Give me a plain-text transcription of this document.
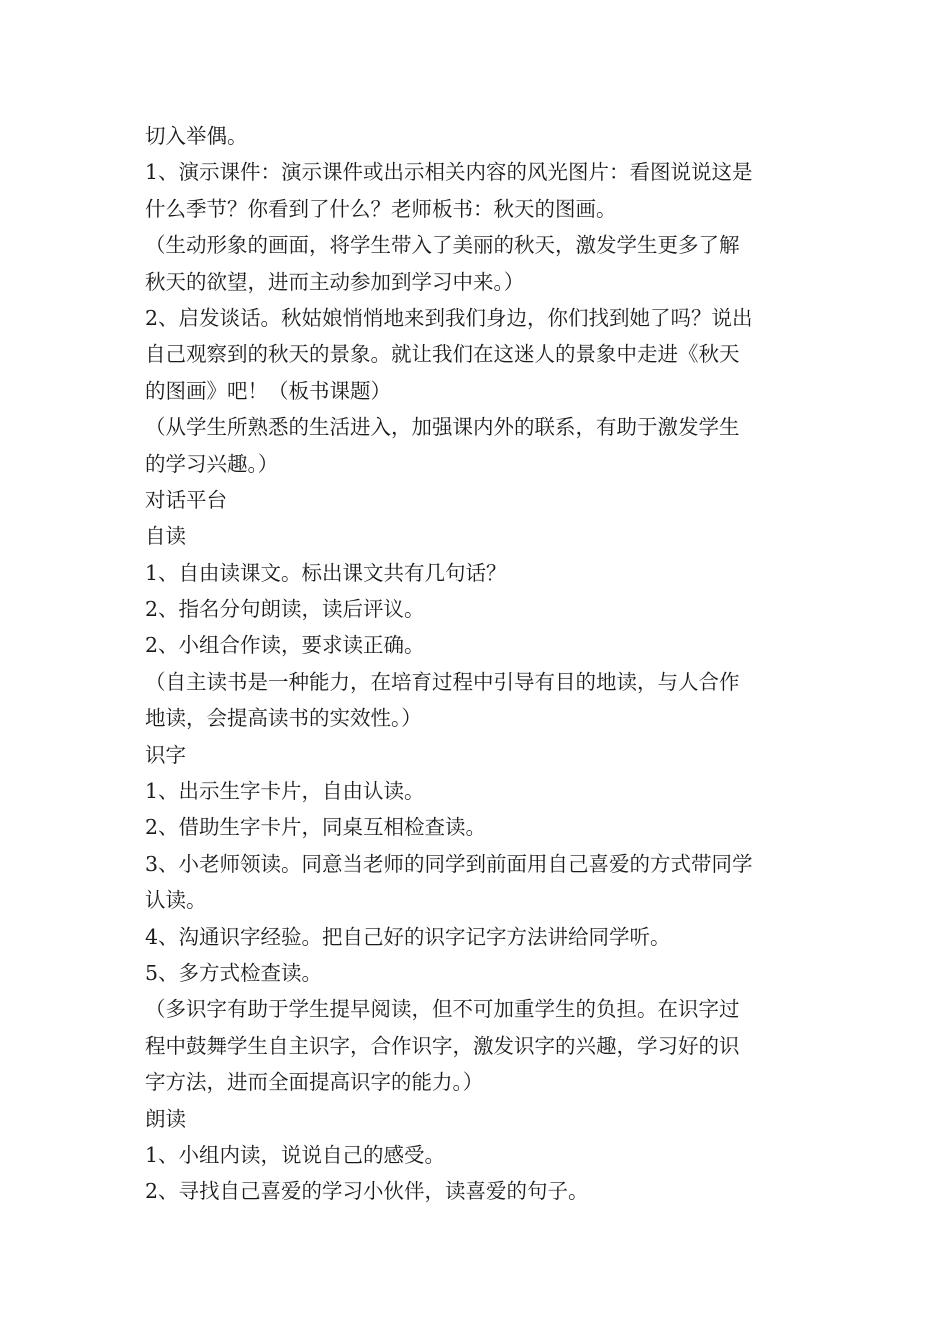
切入举偶。
1、演示课件：演示课件或出示相关内容的风光图片：看图说说这是
什么季节？你看到了什么？老师板书：秋天的图画。
（生动形象的画面，将学生带入了美丽的秋天，激发学生更多了解
秋天的欲望，进而主动参加到学习中来。）
2、启发谈话。秋姑娘悄悄地来到我们身边，你们找到她了吗？说出
自己观察到的秋天的景象。就让我们在这迷人的景象中走进《秋天
的图画》吧！（板书课题）
（从学生所熟悉的生活进入，加强课内外的联系，有助于激发学生
的学习兴趣。）
对话平台
自读
1、自由读课文。标出课文共有几句话？
2、指名分句朗读，读后评议。
2、小组合作读，要求读正确。
（自主读书是一种能力，在培育过程中引导有目的地读，与人合作
地读，会提高读书的实效性。）
识字
1、出示生字卡片，自由认读。
2、借助生字卡片，同桌互相检查读。
3、小老师领读。同意当老师的同学到前面用自己喜爱的方式带同学
认读。
4、沟通识字经验。把自己好的识字记字方法讲给同学听。
5、多方式检查读。
（多识字有助于学生提早阅读，但不可加重学生的负担。在识字过
程中鼓舞学生自主识字，合作识字，激发识字的兴趣，学习好的识
字方法，进而全面提高识字的能力。）
朗读
1、小组内读，说说自己的感受。
2、寻找自己喜爱的学习小伙伴，读喜爱的句子。
